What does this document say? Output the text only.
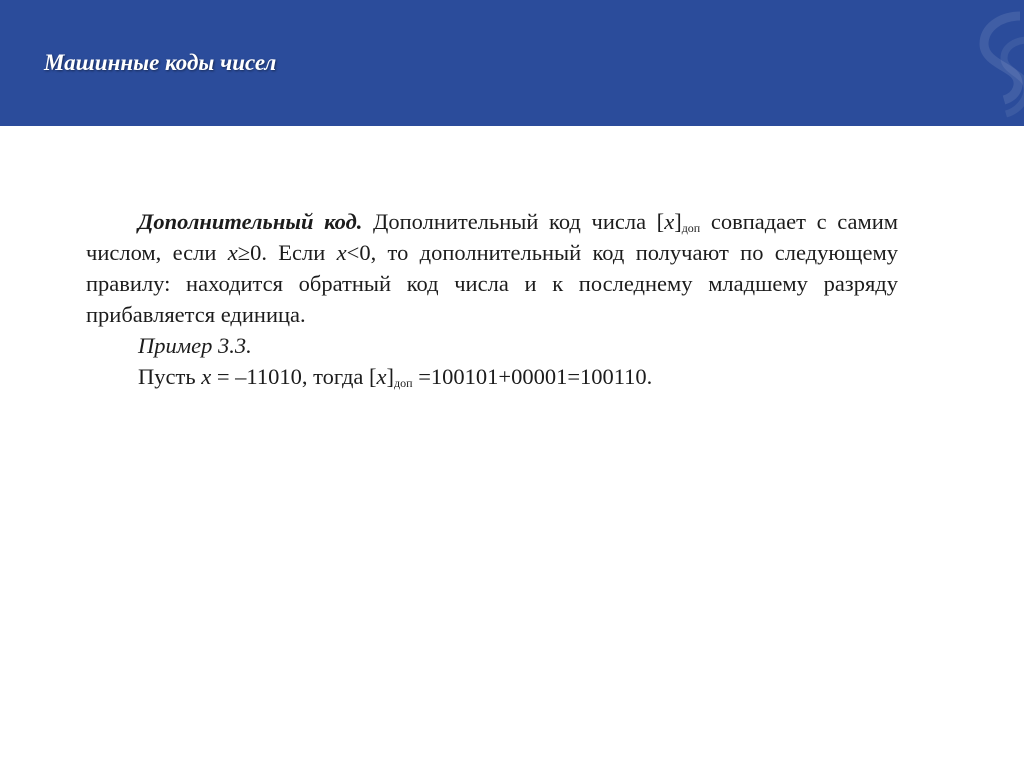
Машинные коды чисел

Дополнительный код. Дополнительный код числа $[x]_{доп}$ совпадает с самим числом, если x≥0. Если x<0, то дополнительный код получают по следующему правилу: находится обратный код числа и к последнему младшему разряду прибавляется единица.

Пример 3.3.

Пусть x = –11010, тогда $[x]_{доп} =100101+00001=100110$.
